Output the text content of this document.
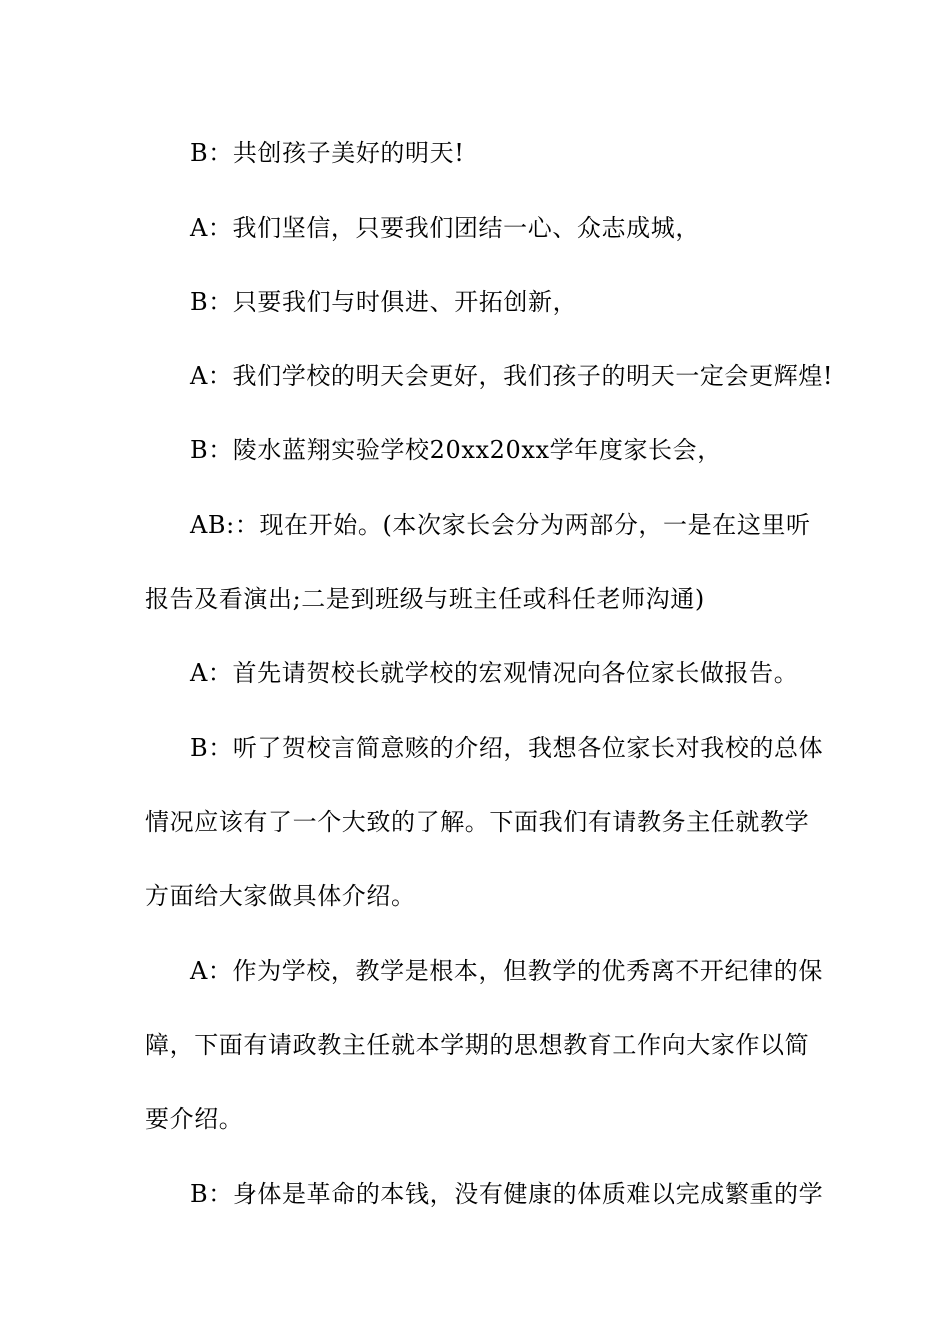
B：共创孩子美好的明天!
A：我们坚信，只要我们团结一心、众志成城，
B：只要我们与时俱进、开拓创新，
A：我们学校的明天会更好，我们孩子的明天一定会更辉煌!
B：陵水蓝翔实验学校20xx20xx学年度家长会，
AB:：现在开始。(本次家长会分为两部分，一是在这里听
报告及看演出;二是到班级与班主任或科任老师沟通)
A：首先请贺校长就学校的宏观情况向各位家长做报告。
B：听了贺校言简意赅的介绍，我想各位家长对我校的总体
情况应该有了一个大致的了解。下面我们有请教务主任就教学
方面给大家做具体介绍。
A：作为学校，教学是根本，但教学的优秀离不开纪律的保
障，下面有请政教主任就本学期的思想教育工作向大家作以简
要介绍。
B：身体是革命的本钱，没有健康的体质难以完成繁重的学
